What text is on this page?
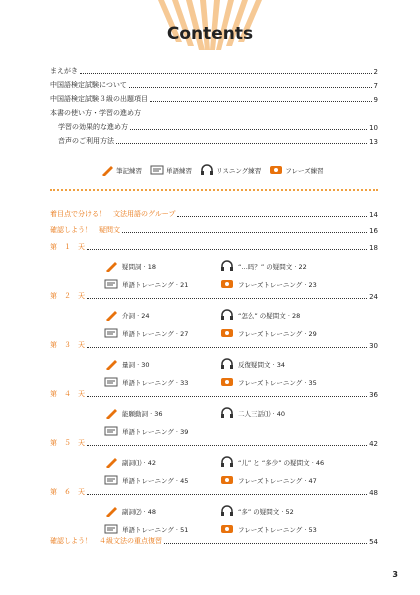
Contents
まえがき	2
中国語検定試験について	7
中国語検定試験３級の出題項目	9
本書の使い方・学習の進め方
学習の効果的な進め方	10
音声のご利用方法	13
筆記練習	単語練習	リスニング練習	フレーズ練習
着目点で分ける！　文法用語のグループ	14
確認しよう！　疑問文	16
第　１　天	18
第　２　天	24
第　３　天	30
第　４　天	36
第　５　天	42
第　６　天	48
確認しよう！　４級文法の重点復習	54
疑問詞 · 18	“…吗？” の疑問文 · 22
単語トレーニング · 21	フレーズトレーニング · 23
介詞 · 24	“怎么” の疑問文 · 28
単語トレーニング · 27	フレーズトレーニング · 29
量詞 · 30	反復疑問文 · 34
単語トレーニング · 33	フレーズトレーニング · 35
能願動詞 · 36	二人三話⑴ · 40
単語トレーニング · 39
副詞⑴ · 42	“儿” と “多少” の疑問文 · 46
単語トレーニング · 45	フレーズトレーニング · 47
副詞⑵ · 48	“多” の疑問文 · 52
単語トレーニング · 51	フレーズトレーニング · 53
3
